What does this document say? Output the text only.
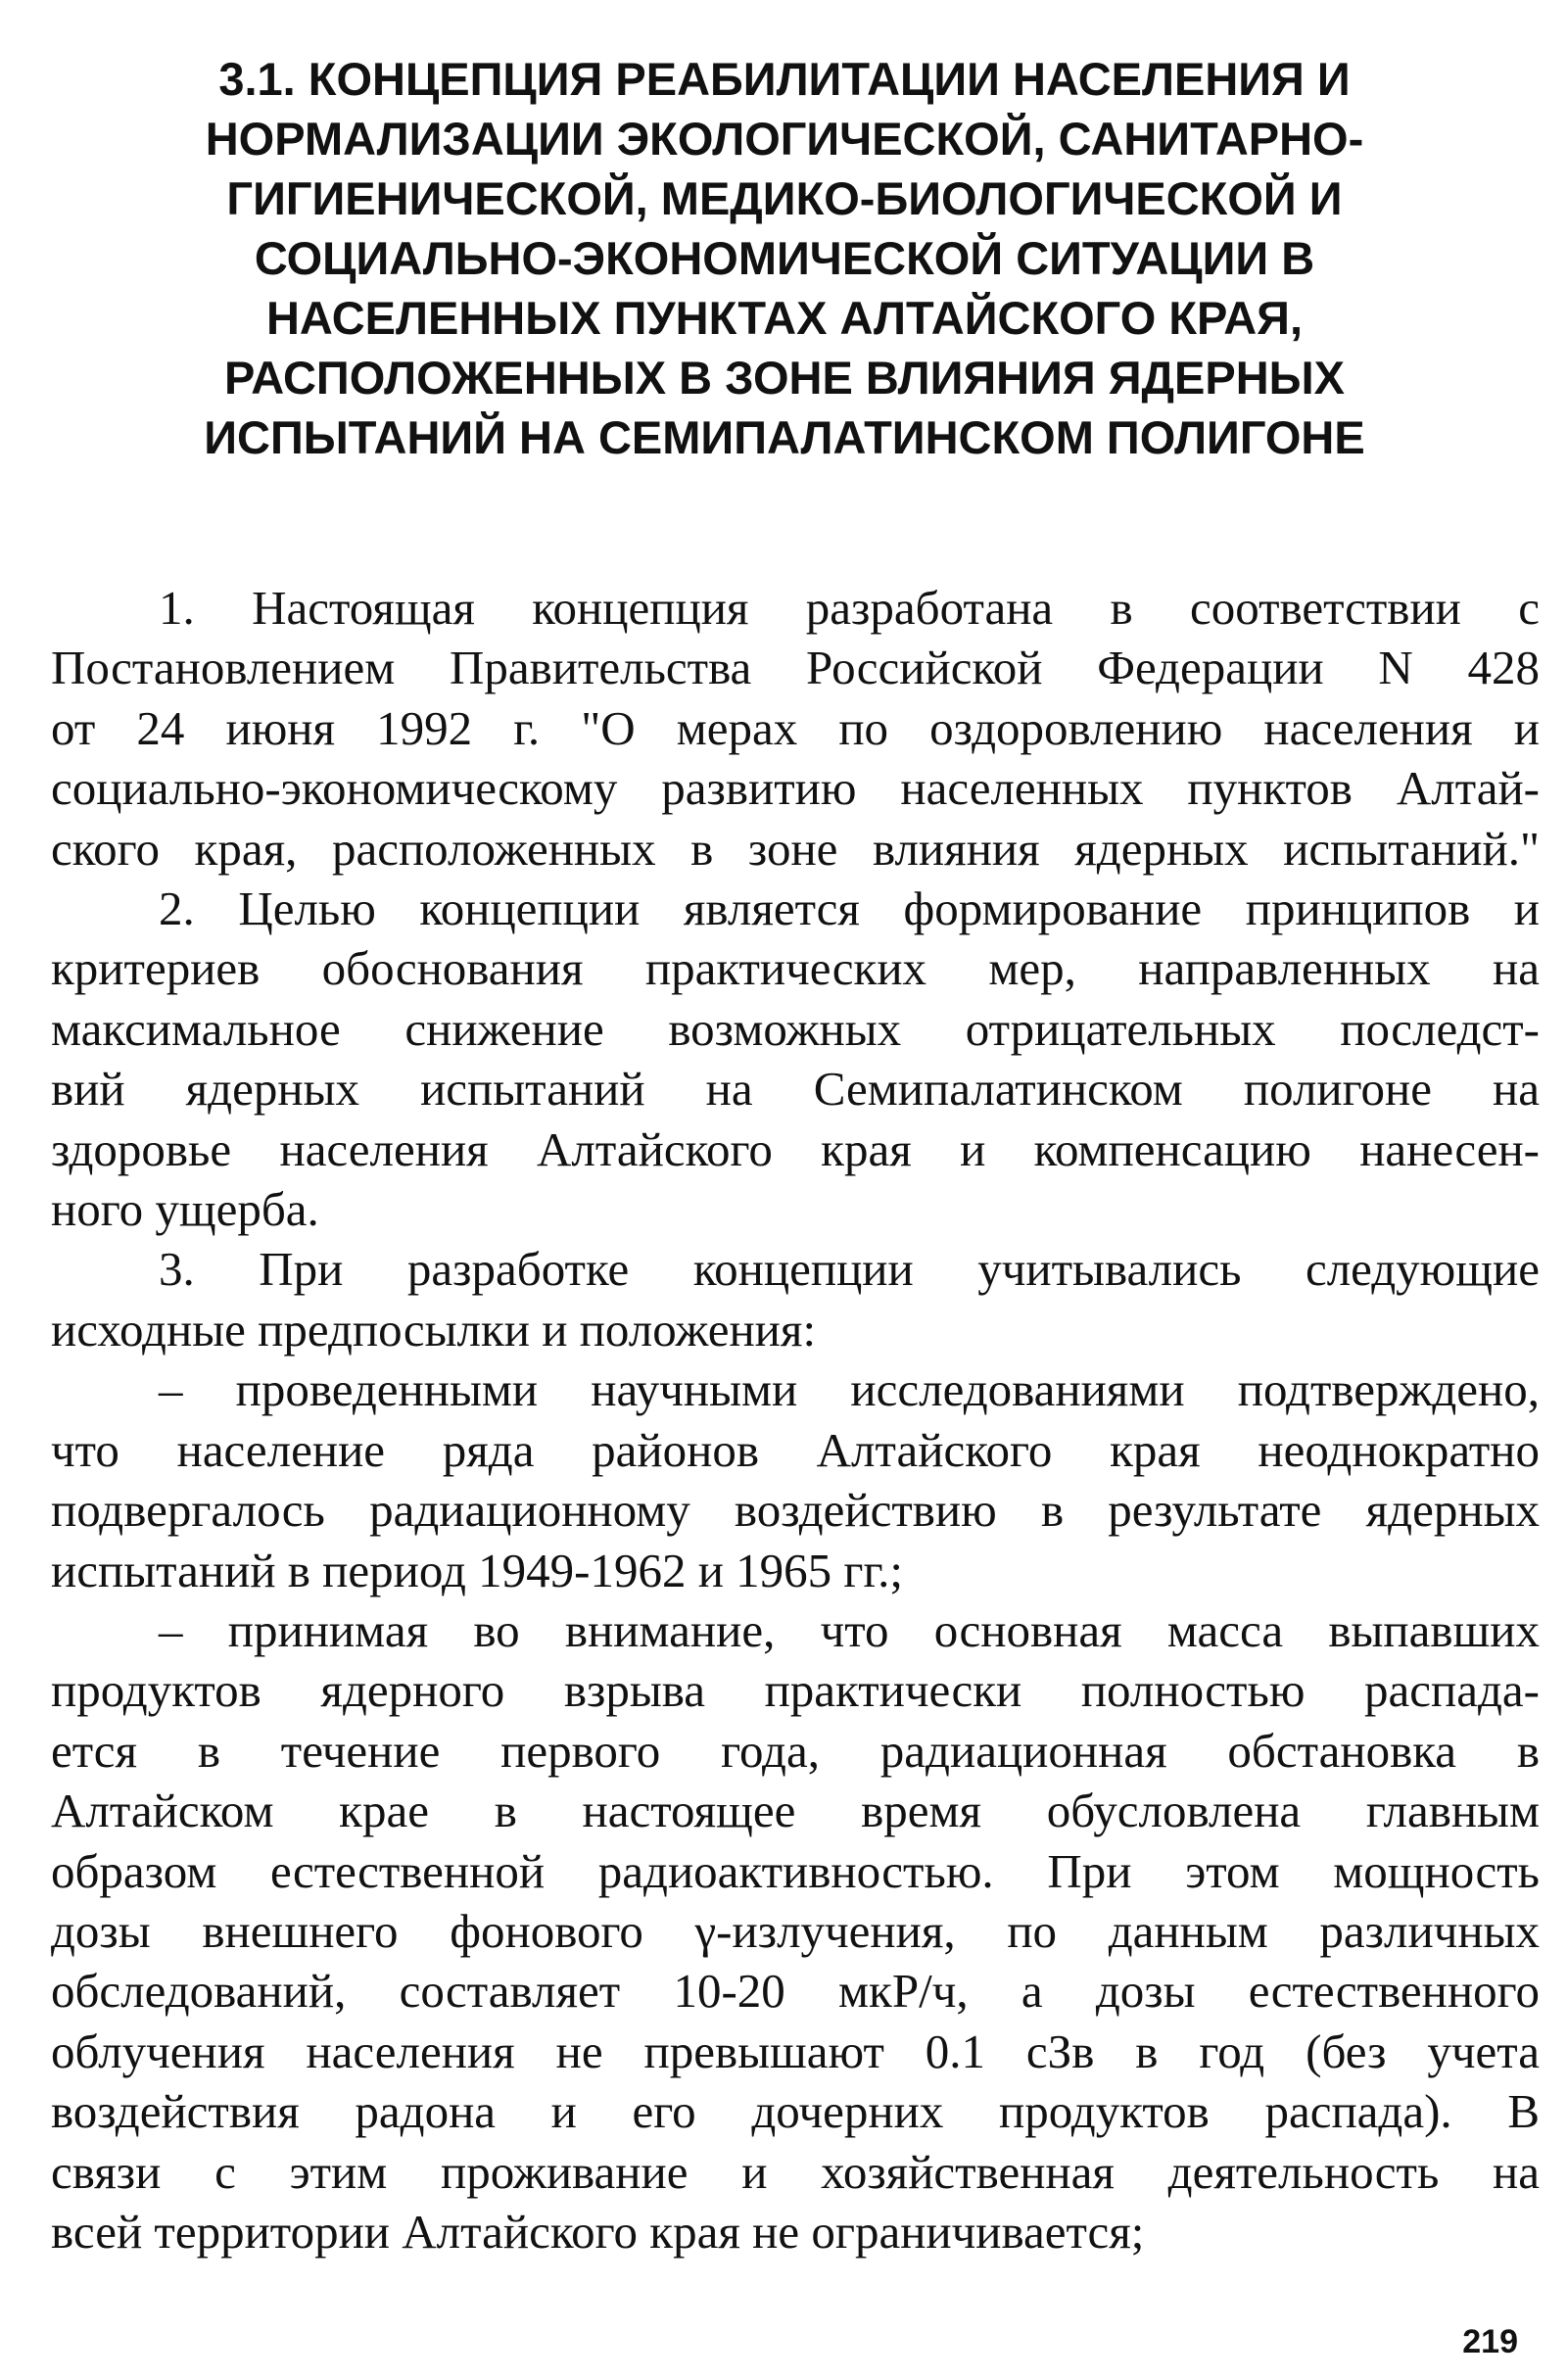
3.1. КОНЦЕПЦИЯ РЕАБИЛИТАЦИИ НАСЕЛЕНИЯ И
НОРМАЛИЗАЦИИ ЭКОЛОГИЧЕСКОЙ, САНИТАРНО-
ГИГИЕНИЧЕСКОЙ, МЕДИКО-БИОЛОГИЧЕСКОЙ И
СОЦИАЛЬНО-ЭКОНОМИЧЕСКОЙ СИТУАЦИИ В
НАСЕЛЕННЫХ ПУНКТАХ АЛТАЙСКОГО КРАЯ,
РАСПОЛОЖЕННЫХ В ЗОНЕ ВЛИЯНИЯ ЯДЕРНЫХ
ИСПЫТАНИЙ НА СЕМИПАЛАТИНСКОМ ПОЛИГОНЕ
1. Настоящая концепция разработана в соответствии с
Постановлением Правительства Российской Федерации N 428
от 24 июня 1992 г. "О мерах по оздоровлению населения и
социально-экономическому развитию населенных пунктов Алтай-
ского края, расположенных в зоне влияния ядерных испытаний."
2. Целью концепции является формирование принципов и
критериев обоснования практических мер, направленных на
максимальное снижение возможных отрицательных последст-
вий ядерных испытаний на Семипалатинском полигоне на
здоровье населения Алтайского края и компенсацию нанесен-
ного ущерба.
3. При разработке концепции учитывались следующие
исходные предпосылки и положения:
– проведенными научными исследованиями подтверждено,
что население ряда районов Алтайского края неоднократно
подвергалось радиационному воздействию в результате ядерных
испытаний в период 1949-1962 и 1965 гг.;
– принимая во внимание, что основная масса выпавших
продуктов ядерного взрыва практически полностью распада-
ется в течение первого года, радиационная обстановка в
Алтайском крае в настоящее время обусловлена главным
образом естественной радиоактивностью. При этом мощность
дозы внешнего фонового γ-излучения, по данным различных
обследований, составляет 10-20 мкР/ч, а дозы естественного
облучения населения не превышают 0.1 сЗв в год (без учета
воздействия радона и его дочерних продуктов распада). В
связи с этим проживание и хозяйственная деятельность на
всей территории Алтайского края не ограничивается;
219
